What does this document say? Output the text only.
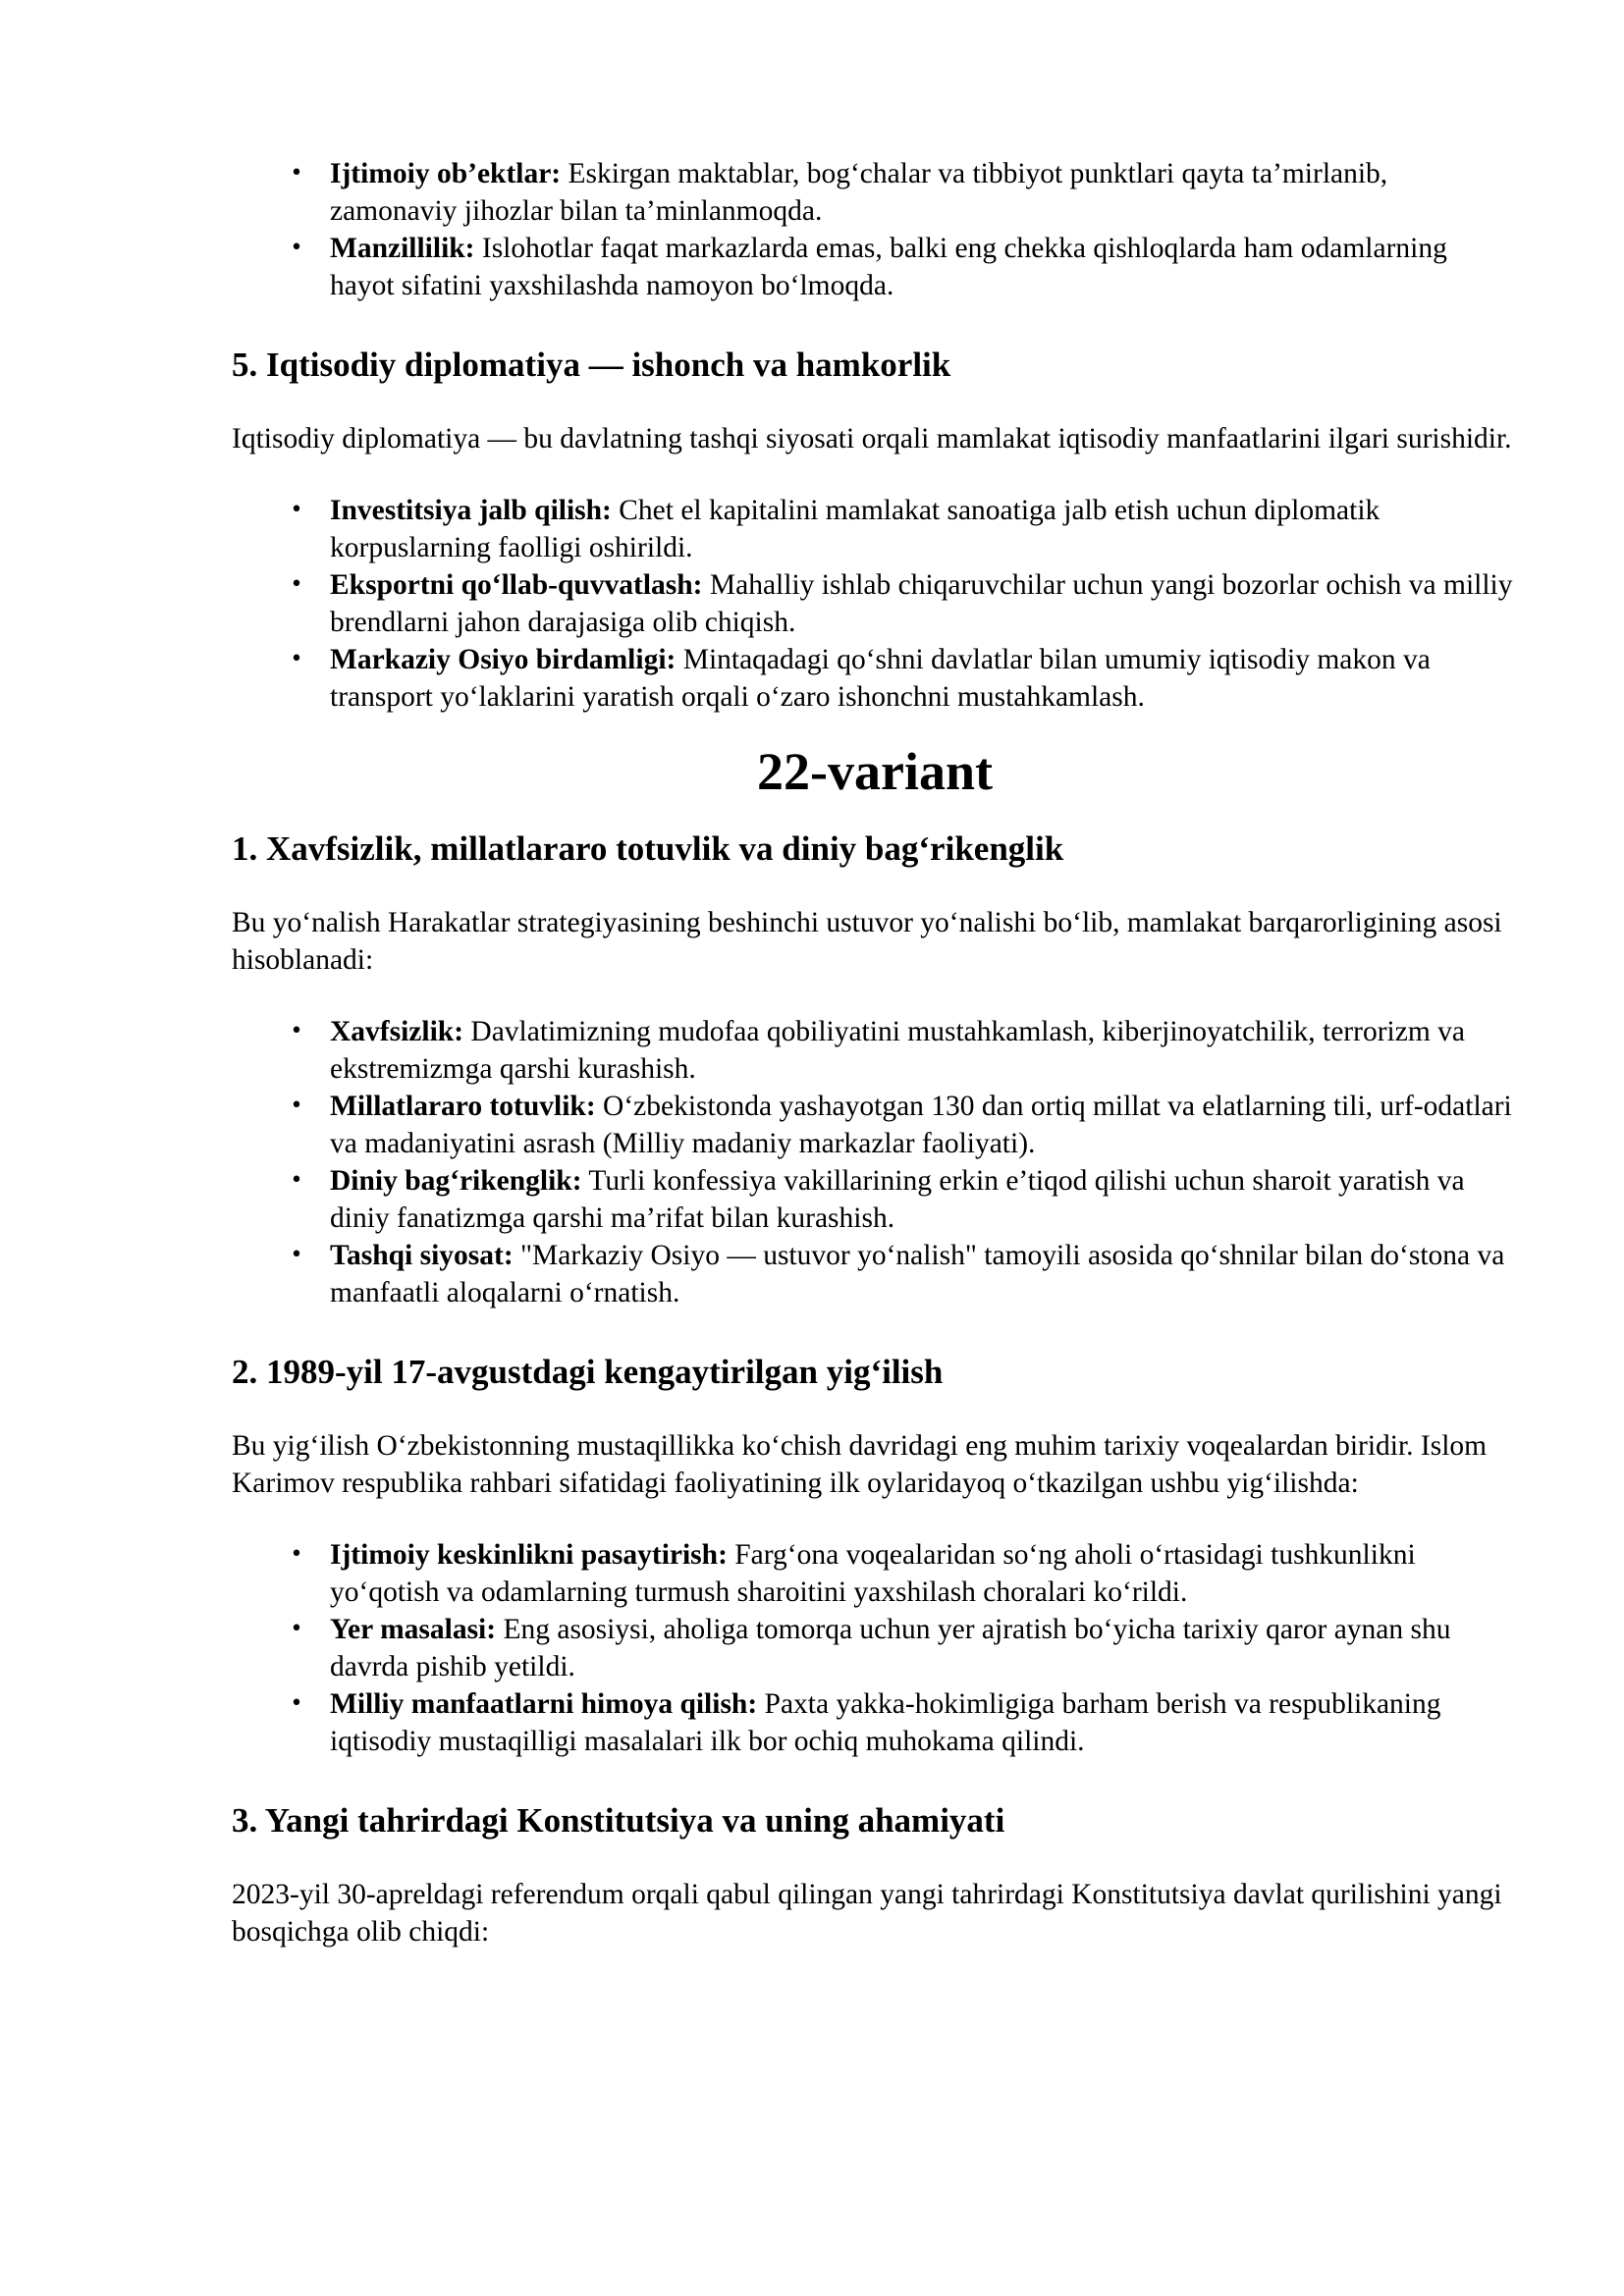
• Ijtimoiy ob’ektlar: Eskirgan maktablar, bog‘chalar va tibbiyot punktlari qayta ta’mirlanib, zamonaviy jihozlar bilan ta’minlanmoqda.
• Manzillilik: Islohotlar faqat markazlarda emas, balki eng chekka qishloqlarda ham odamlarning hayot sifatini yaxshilashda namoyon bo‘lmoqda.
5. Iqtisodiy diplomatiya — ishonch va hamkorlik

Iqtisodiy diplomatiya — bu davlatning tashqi siyosati orqali mamlakat iqtisodiy manfaatlarini ilgari surishidir.

• Investitsiya jalb qilish: Chet el kapitalini mamlakat sanoatiga jalb etish uchun diplomatik korpuslarning faolligi oshirildi.
• Eksportni qo‘llab-quvvatlash: Mahalliy ishlab chiqaruvchilar uchun yangi bozorlar ochish va milliy brendlarni jahon darajasiga olib chiqish.
• Markaziy Osiyo birdamligi: Mintaqadagi qo‘shni davlatlar bilan umumiy iqtisodiy makon va transport yo‘laklarini yaratish orqali o‘zaro ishonchni mustahkamlash.
22-variant
1. Xavfsizlik, millatlararo totuvlik va diniy bag‘rikenglik

Bu yo‘nalish Harakatlar strategiyasining beshinchi ustuvor yo‘nalishi bo‘lib, mamlakat barqarorligining asosi hisoblanadi:

• Xavfsizlik: Davlatimizning mudofaa qobiliyatini mustahkamlash, kiberjinoyatchilik, terrorizm va ekstremizmga qarshi kurashish.
• Millatlararo totuvlik: O‘zbekistonda yashayotgan 130 dan ortiq millat va elatlarning tili, urf-odatlari va madaniyatini asrash (Milliy madaniy markazlar faoliyati).
• Diniy bag‘rikenglik: Turli konfessiya vakillarining erkin e’tiqod qilishi uchun sharoit yaratish va diniy fanatizmga qarshi ma’rifat bilan kurashish.
• Tashqi siyosat: "Markaziy Osiyo — ustuvor yo‘nalish" tamoyili asosida qo‘shnilar bilan do‘stona va manfaatli aloqalarni o‘rnatish.
2. 1989-yil 17-avgustdagi kengaytirilgan yig‘ilish

Bu yig‘ilish O‘zbekistonning mustaqillikka ko‘chish davridagi eng muhim tarixiy voqealardan biridir. Islom Karimov respublika rahbari sifatidagi faoliyatining ilk oylaridayoq o‘tkazilgan ushbu yig‘ilishda:

• Ijtimoiy keskinlikni pasaytirish: Farg‘ona voqealaridan so‘ng aholi o‘rtasidagi tushkunlikni yo‘qotish va odamlarning turmush sharoitini yaxshilash choralari ko‘rildi.
• Yer masalasi: Eng asosiysi, aholiga tomorqa uchun yer ajratish bo‘yicha tarixiy qaror aynan shu davrda pishib yetildi.
• Milliy manfaatlarni himoya qilish: Paxta yakka-hokimligiga barham berish va respublikaning iqtisodiy mustaqilligi masalalari ilk bor ochiq muhokama qilindi.
3. Yangi tahrirdagi Konstitutsiya va uning ahamiyati

2023-yil 30-apreldagi referendum orqali qabul qilingan yangi tahrirdagi Konstitutsiya davlat qurilishini yangi bosqichga olib chiqdi:
